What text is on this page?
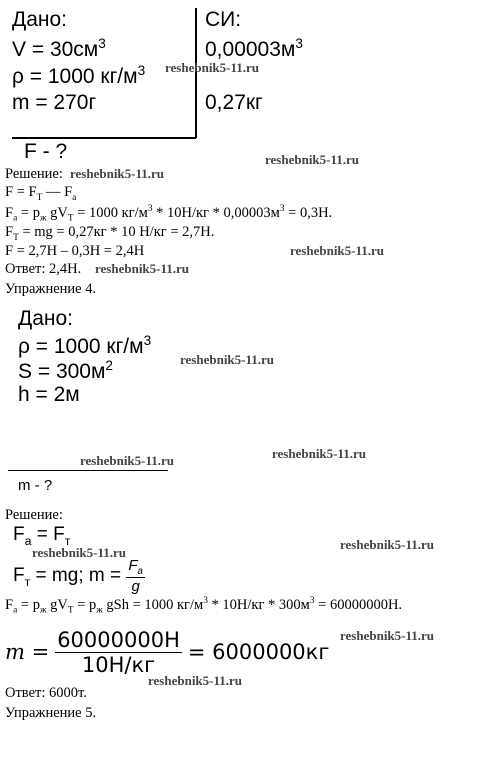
Дано:
$V = 30см^3$
ρ = 1000 $кг/м^3$
m = 270г
СИ:
$0,00003м^3$
0,27кг
F - ?
Решение:
$F = F_T$ — $F_a$
$F_a = p_ж$ $gV_T = 1000$ $кг/м^3 * 10Н/кг * 0,00003м^3 = 0,3Н$.
$F_T$ = mg = 0,27кг * 10 Н/кг = 2,7Н.
F = 2,7Н – 0,3Н = 2,4Н
Ответ: 2,4Н.
Упражнение 4.
Дано:
ρ = 1000 $кг/м^3$
$S = 300м^2$
h = 2м
m - ?
Решение:
$F_a = F_т$
$F_т$ = mg; $m = \frac{F_a}{g}$
$F_a = p_ж$ $gV_T = p_ж$ gSh = 1000 $кг/м^3 * 10Н/кг * 300м^3 = 60000000Н$.
$m = \frac{60000000H}{10H/кг} = 6000000кг$
Ответ: 6000т.
Упражнение 5.
reshebnik5-11.ru
reshebnik5-11.ru
reshebnik5-11.ru
reshebnik5-11.ru
reshebnik5-11.ru
reshebnik5-11.ru
reshebnik5-11.ru
reshebnik5-11.ru
reshebnik5-11.ru
reshebnik5-11.ru
reshebnik5-11.ru
reshebnik5-11.ru
